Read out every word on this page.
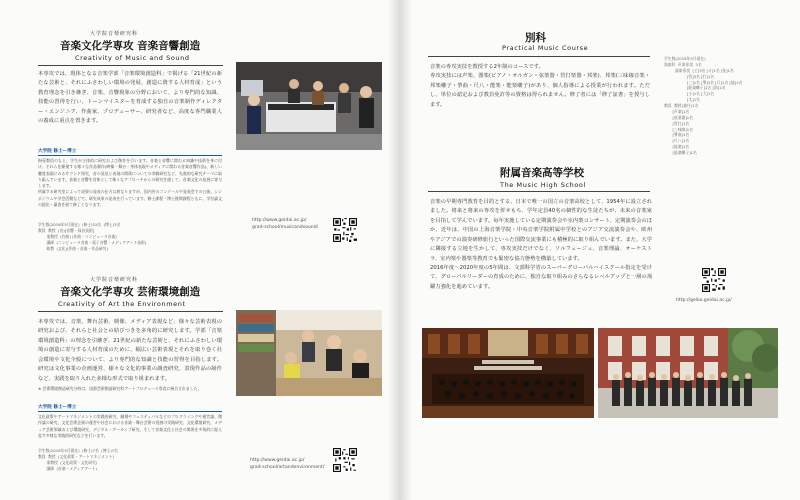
大学院音楽研究科
音楽文化学専攻 音楽音響創造
Creativity of Music and Sound
本専攻では、現体となる音楽学部「音楽環境創造科」で掲げる「21世紀の新たな芸術と、それにふさわしい環境の発展、創造に資する人材育成」という教育理念を引き継ぎ、音楽、音響現象の分野において、より専門的な知識、技能の習得を行い、トーンマイスターを育成する独自の音楽制作ディレクター・エンジニア、作曲家、プロデューサー、研究者など、高度な専門職業人の養成に重点を置きます。
大学院 修士ー博士
指導教員のもと、学生が主体的に研究および創作を行います。音楽と音響に関わる知識や技術を身に付け、それらを駆使する様々な作品制作(映像・舞台・身体表現やメディアに関わる音楽音響作品)、新しい聴覚表現にみるサウンド探究、音の発見と表現の関係についての実験研究など、先進的な研究テーマに取り組んでいます。音楽と音響を対象として様々なアプローチからの研究を通して、音楽文化の発展に寄与します。
所属する研究室によって成果の発表の仕方は異なりますが、国内外のコンクールや発表会での公演、シンポジウムや学会活動などで、研究成果の発表を行っています。修士課程・博士後期課程ともに、学位論文の提出・審査を経て修了となります。
学生数(2019年5月現在)  (修士)15名  (博士)3名
教員  教授  (音)[音響・録音技術]
准教授  (作曲) (作曲・コンピュータ音楽)
講師  (コンピュータ音楽・電子音響・メディアアート技術)
助教  (文化)(作曲・音楽・作品研究)
http://www.geidai.ac.jp/
grad-school/musicandsound/
大学院音楽研究科
音楽文化学専攻 芸術環境創造
Creativity of Art the Environment
本専攻では、音楽、舞台芸術、映像、メディア表現など、様々な芸術表現の研究および、それらと社会との結びつきを多角的に研究します。学部「音楽環境創造科」の理念を引継ぎ、21世紀の新たな芸術と、それにふさわしい環境の創造に寄与する人材育成のために、幅広い芸術表現とそれを取り巻く社会環境や文化全般について、より専門的な知識と技能の習得を目指します。研究は文化事業の企画運営、様々な文化的事業の調査研究、表現作品の制作など、実践を取り入れた多様な形式で取り組まれます。
※ 芸術環境創造研究分野は、国際芸術創造研究科アートプロデュース専攻に統合されました。
大学院 修士ー博士
文化政策やアートマネジメントの実践的研究、劇場やフェスティバルなどのプログラミングや運営論、創作論の研究、文化芸術企画の運営や社会における音楽・舞台芸術の役割の実践研究、文化環境研究、メディア芸術領域および環境研究、デジタル・アーカイブ研究、そして音楽文化と社会の関係を多角的に捉え直す多様な実践的研究などを行います。
学生数(2019年5月現在)  (修士)7名  (博士)7名
教員  教授  (文化政策・アートマネジメント)
准教授  (文化政策・文化研究)
講師  (音楽・メディアアート)
http://www.geidai.ac.jp/
grad-school/artandenvironment/
別科
Practical Music Course
音楽の専攻実技を教授する2年制のコースです。
専攻実技には声楽、器楽(ピアノ・オルガン・弦楽器・管打楽器・邦楽)、邦楽(三味線音楽・邦楽囃子・箏曲・尺八・能楽・能楽囃子)があり、個人指導による授業が行われます。ただし、単位の認定および教員免許等の資格は得られません。修了者には「修了証書」を授与します。
学生数(2019年5月現在)
器楽科  声楽専攻  3名
器楽専攻  [ピ]3名 [オ]1名 [弦]1名
[管]3名 [打]1名
[三]1名 [箏]2名 [尺]1名 [能]1名
[能楽囃子]1名 [笛]1名
[小]1名 [大]1名
[太]1名
教員  教授(兼任)1名
[声楽]1名
[弦楽器]1名
[管打]1名
[三味線]1名
[箏曲]1名
[尺八]1名
[能楽]1名
[能楽囃子]1名
附属音楽高等学校
The Music High School
音楽の早期専門教育を目的とする、日本で唯一の国立の音楽高校として、1954年に設立されました。将来と将来の専攻を併せもち、学年定員40名の個性的な生徒たちが、未来の音楽家を目指して学んでいます。毎年実施している定期演奏会や室内楽コンサート、定期演奏会のほか、近年は、中国の上海音楽学院・中央音楽学院附属中学校とのアジア交流演奏会や、欧州やアジアでの演奏研修旅行といった国際交流事業にも積極的に取り組んでいます。また、大学に隣接する立地を生かして、専攻実技だけでなく、ソルフェージュ、音楽理論、オーケストラ、室内楽や器楽等教育でも緊密な協力態勢を構築しています。
2016年度～2020年度の5年間は、文部科学省のスーパーグローバルハイスクール指定を受けて、グローバルリーダーの育成のために、独自な取り組みのさらなるレベルアップと一層の飛躍力強化を進めています。
http://geiko.geidai.ac.jp/
